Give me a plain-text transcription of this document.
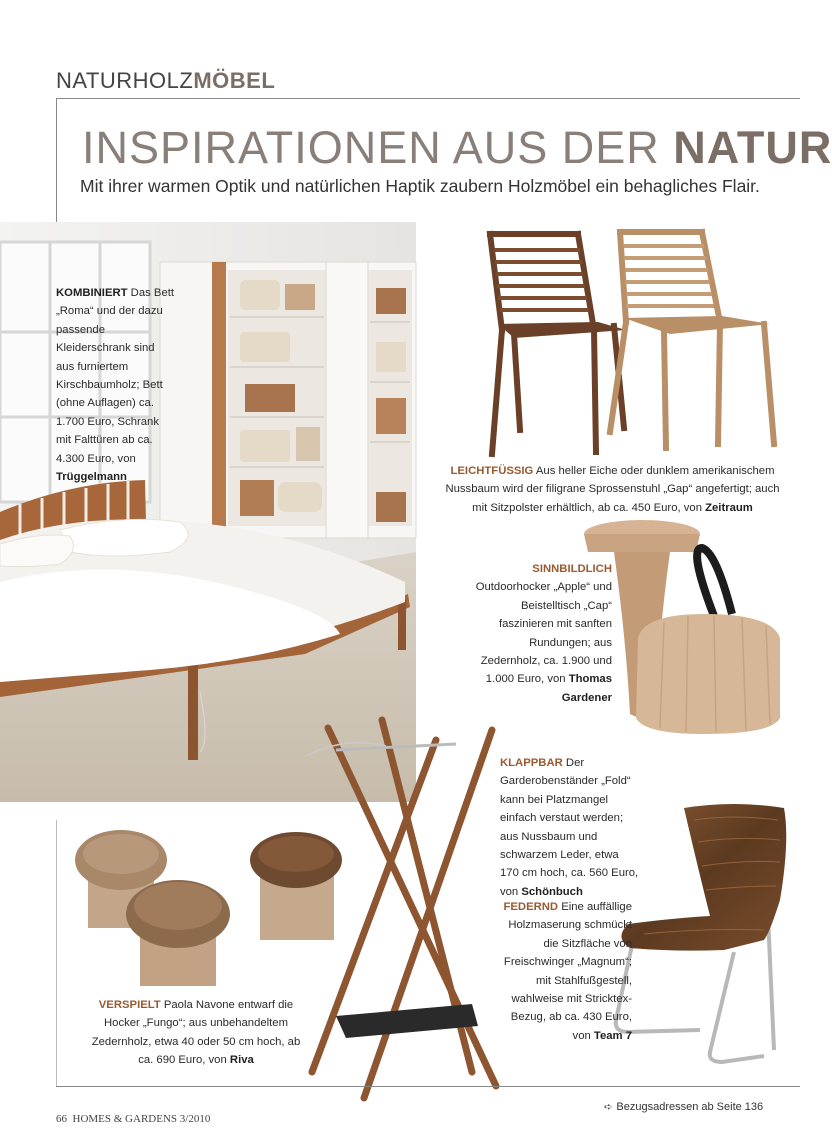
NATURHOLZMÖBEL
INSPIRATIONEN AUS DER NATUR
Mit ihrer warmen Optik und natürlichen Haptik zaubern Holzmöbel ein behagliches Flair.
KOMBINIERT Das Bett „Roma“ und der dazu passende Kleiderschrank sind aus furniertem Kirschbaumholz; Bett (ohne Auflagen) ca. 1.700 Euro, Schrank mit Falttüren ab ca. 4.300 Euro, von Trüggelmann
LEICHTFÜSSIG Aus heller Eiche oder dunklem amerikanischem Nussbaum wird der filigrane Sprossenstuhl „Gap“ angefertigt; auch mit Sitzpolster erhältlich, ab ca. 450 Euro, von Zeitraum
SINNBILDLICH Outdoorhocker „Apple“ und Beistelltisch „Cap“ faszinieren mit sanften Rundungen; aus Zedernholz, ca. 1.900 und 1.000 Euro, von Thomas Gardener
KLAPPBAR Der Garderobenständer „Fold“ kann bei Platzmangel einfach verstaut werden; aus Nussbaum und schwarzem Leder, etwa 170 cm hoch, ca. 560 Euro, von Schönbuch
FEDERND Eine auffällige Holzmaserung schmückt die Sitzfläche von Freischwinger „Magnum“; mit Stahlfußgestell, wahlweise mit Stricktex-Bezug, ab ca. 430 Euro, von Team 7
VERSPIELT Paola Navone entwarf die Hocker „Fungo“; aus unbehandeltem Zedernholz, etwa 40 oder 50 cm hoch, ab ca. 690 Euro, von Riva
66 HOMES & GARDENS 3/2010
➪ Bezugsadressen ab Seite 136
